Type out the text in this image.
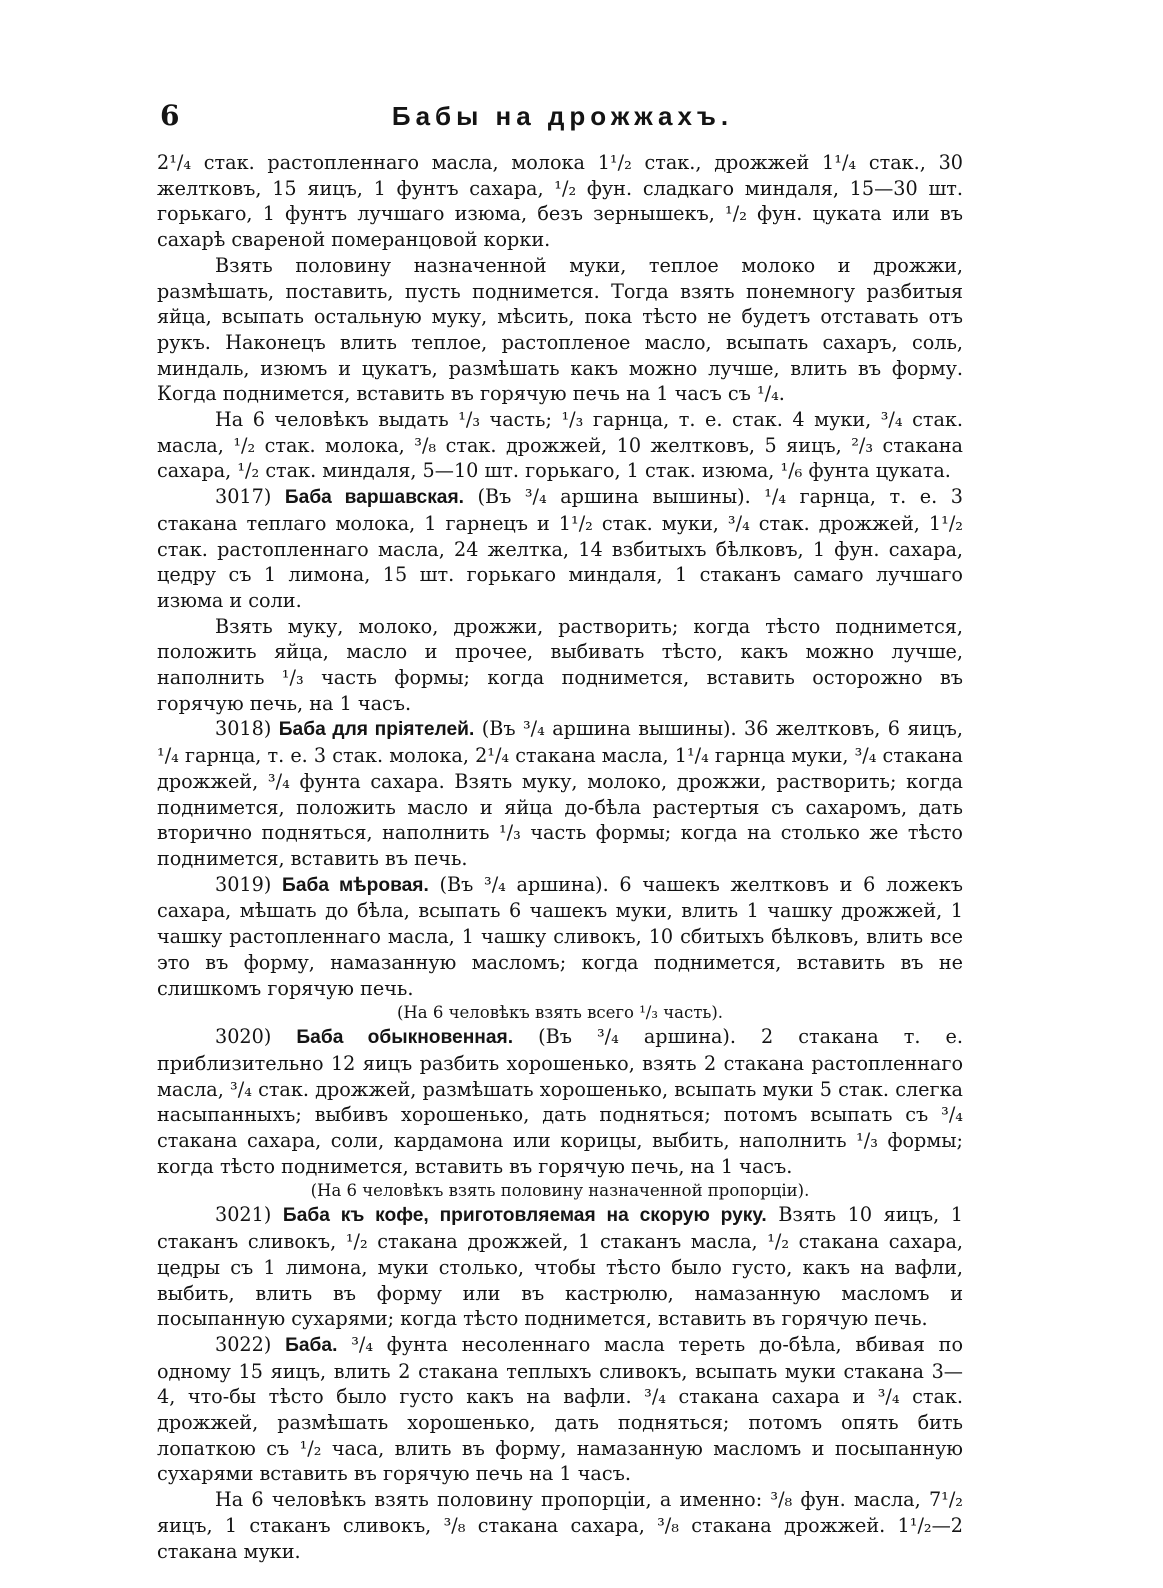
6	Бабы на дрожжахъ.

2¹/₄ стак. растопленнаго масла, молока 1¹/₂ стак., дрожжей 1¹/₄ стак., 30 желтковъ, 15 яицъ, 1 фунтъ сахара, ¹/₂ фун. сладкаго миндаля, 15—30 шт. горькаго, 1 фунтъ лучшаго изюма, безъ зернышекъ, ¹/₂ фун. цуката или въ сахарѣ свареной померанцовой корки.

Взять половину назначенной муки, теплое молоко и дрожжи, размѣшать, поставить, пусть поднимется. Тогда взять понемногу разбитыя яйца, всыпать остальную муку, мѣсить, пока тѣсто не будетъ отставать отъ рукъ. Наконецъ влить теплое, растопленое масло, всыпать сахаръ, соль, миндаль, изюмъ и цукатъ, размѣшать какъ можно лучше, влить въ форму. Когда поднимется, вставить въ горячую печь на 1 часъ съ ¹/₄.

На 6 человѣкъ выдать ¹/₃ часть; ¹/₃ гарнца, т. е. стак. 4 муки, ³/₄ стак. масла, ¹/₂ стак. молока, ³/₈ стак. дрожжей, 10 желтковъ, 5 яицъ, ²/₃ стакана сахара, ¹/₂ стак. миндаля, 5—10 шт. горькаго, 1 стак. изюма, ¹/₆ фунта цуката.

3017) Баба варшавская. (Въ ³/₄ аршина вышины). ¹/₄ гарнца, т. е. 3 стакана теплаго молока, 1 гарнецъ и 1¹/₂ стак. муки, ³/₄ стак. дрожжей, 1¹/₂ стак. растопленнаго масла, 24 желтка, 14 взбитыхъ бѣлковъ, 1 фун. сахара, цедру съ 1 лимона, 15 шт. горькаго миндаля, 1 стаканъ самаго лучшаго изюма и соли.

Взять муку, молоко, дрожжи, растворить; когда тѣсто поднимется, положить яйца, масло и прочее, выбивать тѣсто, какъ можно лучше, наполнить ¹/₃ часть формы; когда поднимется, вставить осторожно въ горячую печь, на 1 часъ.

3018) Баба для пріятелей. (Въ ³/₄ аршина вышины). 36 желтковъ, 6 яицъ, ¹/₄ гарнца, т. е. 3 стак. молока, 2¹/₄ стакана масла, 1¹/₄ гарнца муки, ³/₄ стакана дрожжей, ³/₄ фунта сахара. Взять муку, молоко, дрожжи, растворить; когда поднимется, положить масло и яйца до-бѣла растертыя съ сахаромъ, дать вторично подняться, наполнить ¹/₃ часть формы; когда на столько же тѣсто поднимется, вставить въ печь.

3019) Баба мѣровая. (Въ ³/₄ аршина). 6 чашекъ желтковъ и 6 ложекъ сахара, мѣшать до бѣла, всыпать 6 чашекъ муки, влить 1 чашку дрожжей, 1 чашку растопленнаго масла, 1 чашку сливокъ, 10 сбитыхъ бѣлковъ, влить все это въ форму, намазанную масломъ; когда поднимется, вставить въ не слишкомъ горячую печь.

(На 6 человѣкъ взять всего ¹/₃ часть).

3020) Баба обыкновенная. (Въ ³/₄ аршина). 2 стакана т. е. приблизительно 12 яицъ разбить хорошенько, взять 2 стакана растопленнаго масла, ³/₄ стак. дрожжей, размѣшать хорошенько, всыпать муки 5 стак. слегка насыпанныхъ; выбивъ хорошенько, дать подняться; потомъ всыпать съ ³/₄ стакана сахара, соли, кардамона или корицы, выбить, наполнить ¹/₃ формы; когда тѣсто поднимется, вставить въ горячую печь, на 1 часъ.

(На 6 человѣкъ взять половину назначенной пропорціи).

3021) Баба къ кофе, приготовляемая на скорую руку. Взять 10 яицъ, 1 стаканъ сливокъ, ¹/₂ стакана дрожжей, 1 стаканъ масла, ¹/₂ стакана сахара, цедры съ 1 лимона, муки столько, чтобы тѣсто было густо, какъ на вафли, выбить, влить въ форму или въ кастрюлю, намазанную масломъ и посыпанную сухарями; когда тѣсто поднимется, вставить въ горячую печь.

3022) Баба. ³/₄ фунта несоленнаго масла тереть до-бѣла, вбивая по одному 15 яицъ, влить 2 стакана теплыхъ сливокъ, всыпать муки стакана 3—4, что-бы тѣсто было густо какъ на вафли. ³/₄ стакана сахара и ³/₄ стак. дрожжей, размѣшать хорошенько, дать подняться; потомъ опять бить лопаткою съ ¹/₂ часа, влить въ форму, намазанную масломъ и посыпанную сухарями вставить въ горячую печь на 1 часъ.

На 6 человѣкъ взять половину пропорціи, а именно: ³/₈ фун. масла, 7¹/₂ яицъ, 1 стаканъ сливокъ, ³/₈ стакана сахара, ³/₈ стакана дрожжей. 1¹/₂—2 стакана муки.
